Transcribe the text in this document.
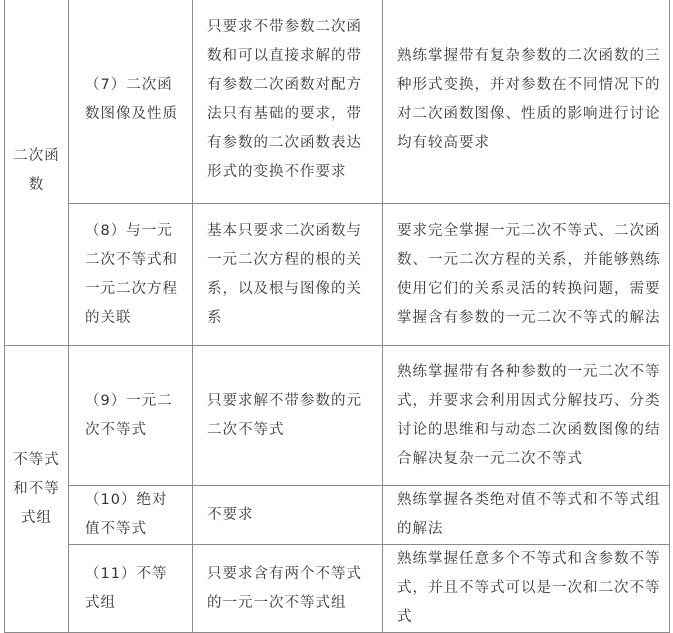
二次函数	（7）二次函数图像及性质	只要求不带参数二次函数和可以直接求解的带有参数二次函数对配方法只有基础的要求，带有参数的二次函数表达形式的变换不作要求	熟练掌握带有复杂参数的二次函数的三种形式变换，并对参数在不同情况下的对二次函数图像、性质的影响进行讨论均有较高要求
	（8）与一元二次不等式和一元二次方程的关联	基本只要求二次函数与一元二次方程的根的关系，以及根与图像的关系	要求完全掌握一元二次不等式、二次函数、一元二次方程的关系，并能够熟练使用它们的关系灵活的转换问题，需要掌握含有参数的一元二次不等式的解法
不等式和不等式组	（9）一元二次不等式	只要求解不带参数的元二次不等式	熟练掌握带有各种参数的一元二次不等式，并要求会利用因式分解技巧、分类讨论的思维和与动态二次函数图像的结合解决复杂一元二次不等式
	（10）绝对值不等式	不要求	熟练掌握各类绝对值不等式和不等式组的解法
	（11）不等式组	只要求含有两个不等式的一元一次不等式组	熟练掌握任意多个不等式和含参数不等式，并且不等式可以是一次和二次不等式
